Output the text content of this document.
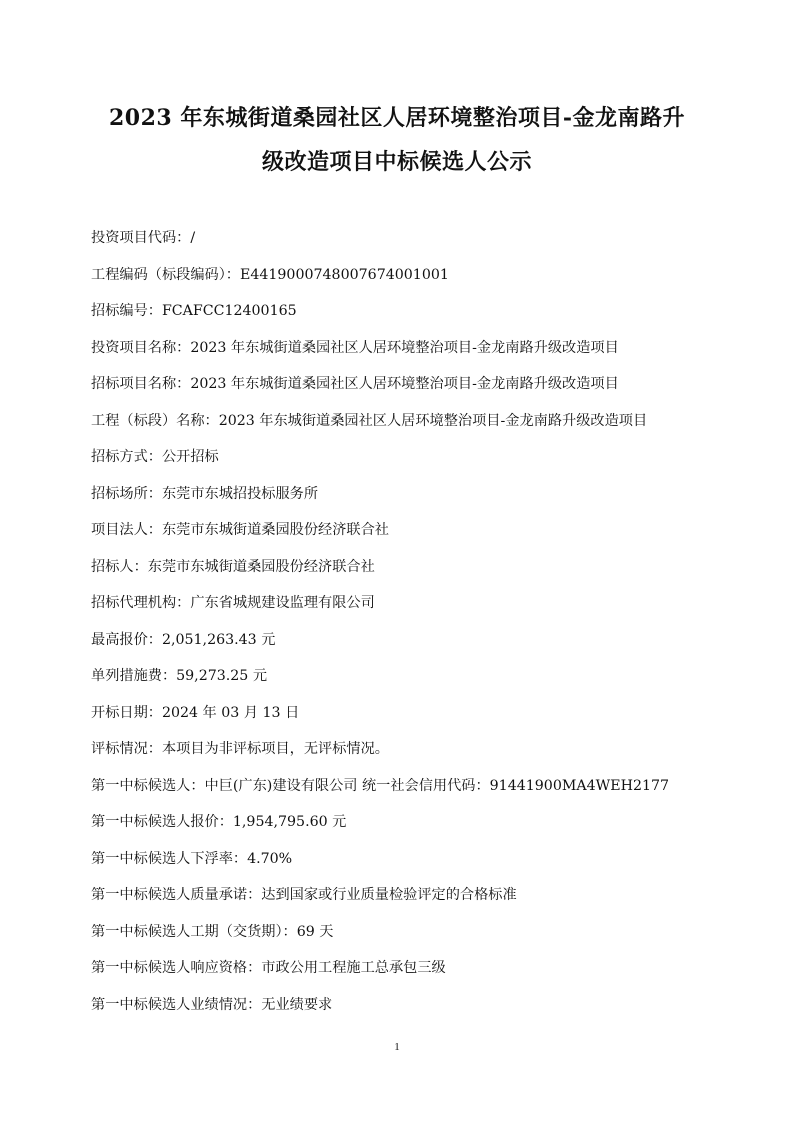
2023 年东城街道桑园社区人居环境整治项目-金龙南路升
级改造项目中标候选人公示
投资项目代码：/
工程编码（标段编码）：E4419000748007674001001
招标编号：FCAFCC12400165
投资项目名称：2023 年东城街道桑园社区人居环境整治项目-金龙南路升级改造项目
招标项目名称：2023 年东城街道桑园社区人居环境整治项目-金龙南路升级改造项目
工程（标段）名称：2023 年东城街道桑园社区人居环境整治项目-金龙南路升级改造项目
招标方式：公开招标
招标场所：东莞市东城招投标服务所
项目法人：东莞市东城街道桑园股份经济联合社
招标人：东莞市东城街道桑园股份经济联合社
招标代理机构：广东省城规建设监理有限公司
最高报价：2,051,263.43 元
单列措施费：59,273.25 元
开标日期：2024 年 03 月 13 日
评标情况：本项目为非评标项目，无评标情况。
第一中标候选人：中巨(广东)建设有限公司 统一社会信用代码：91441900MA4WEH2177
第一中标候选人报价：1,954,795.60 元
第一中标候选人下浮率：4.70%
第一中标候选人质量承诺：达到国家或行业质量检验评定的合格标准
第一中标候选人工期（交货期）：69 天
第一中标候选人响应资格：市政公用工程施工总承包三级
第一中标候选人业绩情况：无业绩要求
1
